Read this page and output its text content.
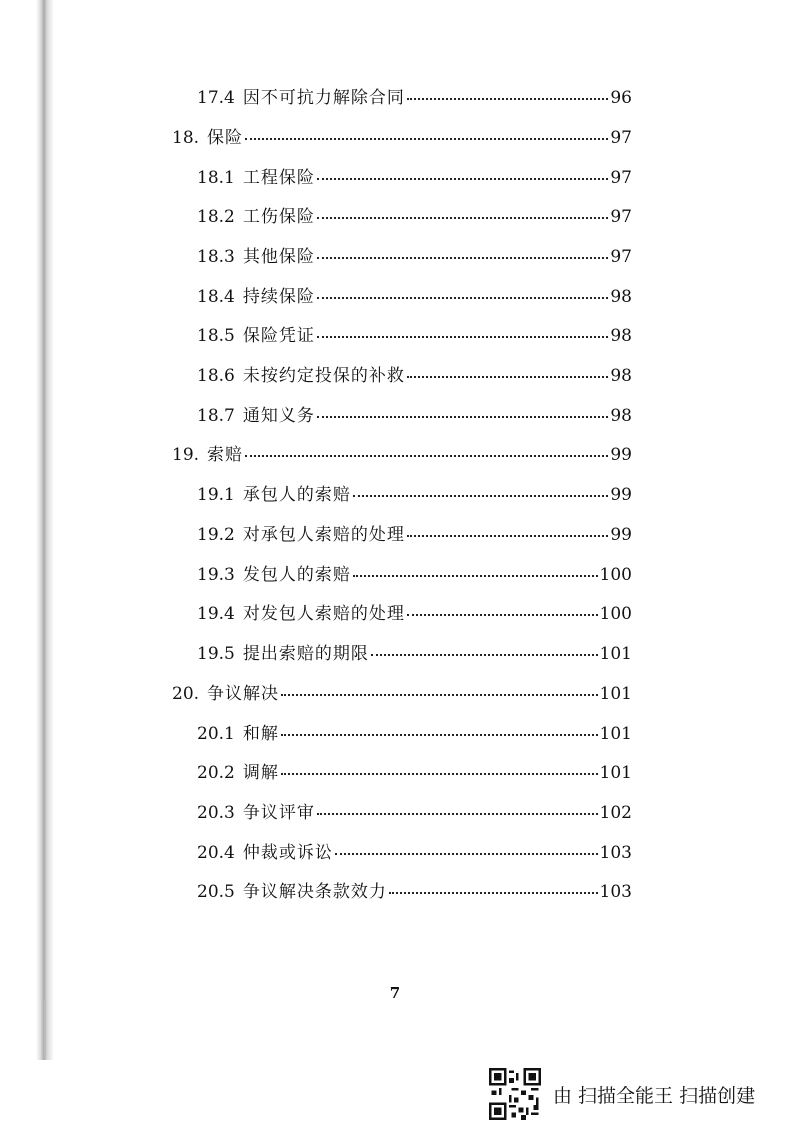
17.4 因不可抗力解除合同	96
18. 保险	97
18.1 工程保险	97
18.2 工伤保险	97
18.3 其他保险	97
18.4 持续保险	98
18.5 保险凭证	98
18.6 未按约定投保的补救	98
18.7 通知义务	98
19. 索赔	99
19.1 承包人的索赔	99
19.2 对承包人索赔的处理	99
19.3 发包人的索赔	100
19.4 对发包人索赔的处理	100
19.5 提出索赔的期限	101
20. 争议解决	101
20.1 和解	101
20.2 调解	101
20.3 争议评审	102
20.4 仲裁或诉讼	103
20.5 争议解决条款效力	103
7
由 扫描全能王 扫描创建
